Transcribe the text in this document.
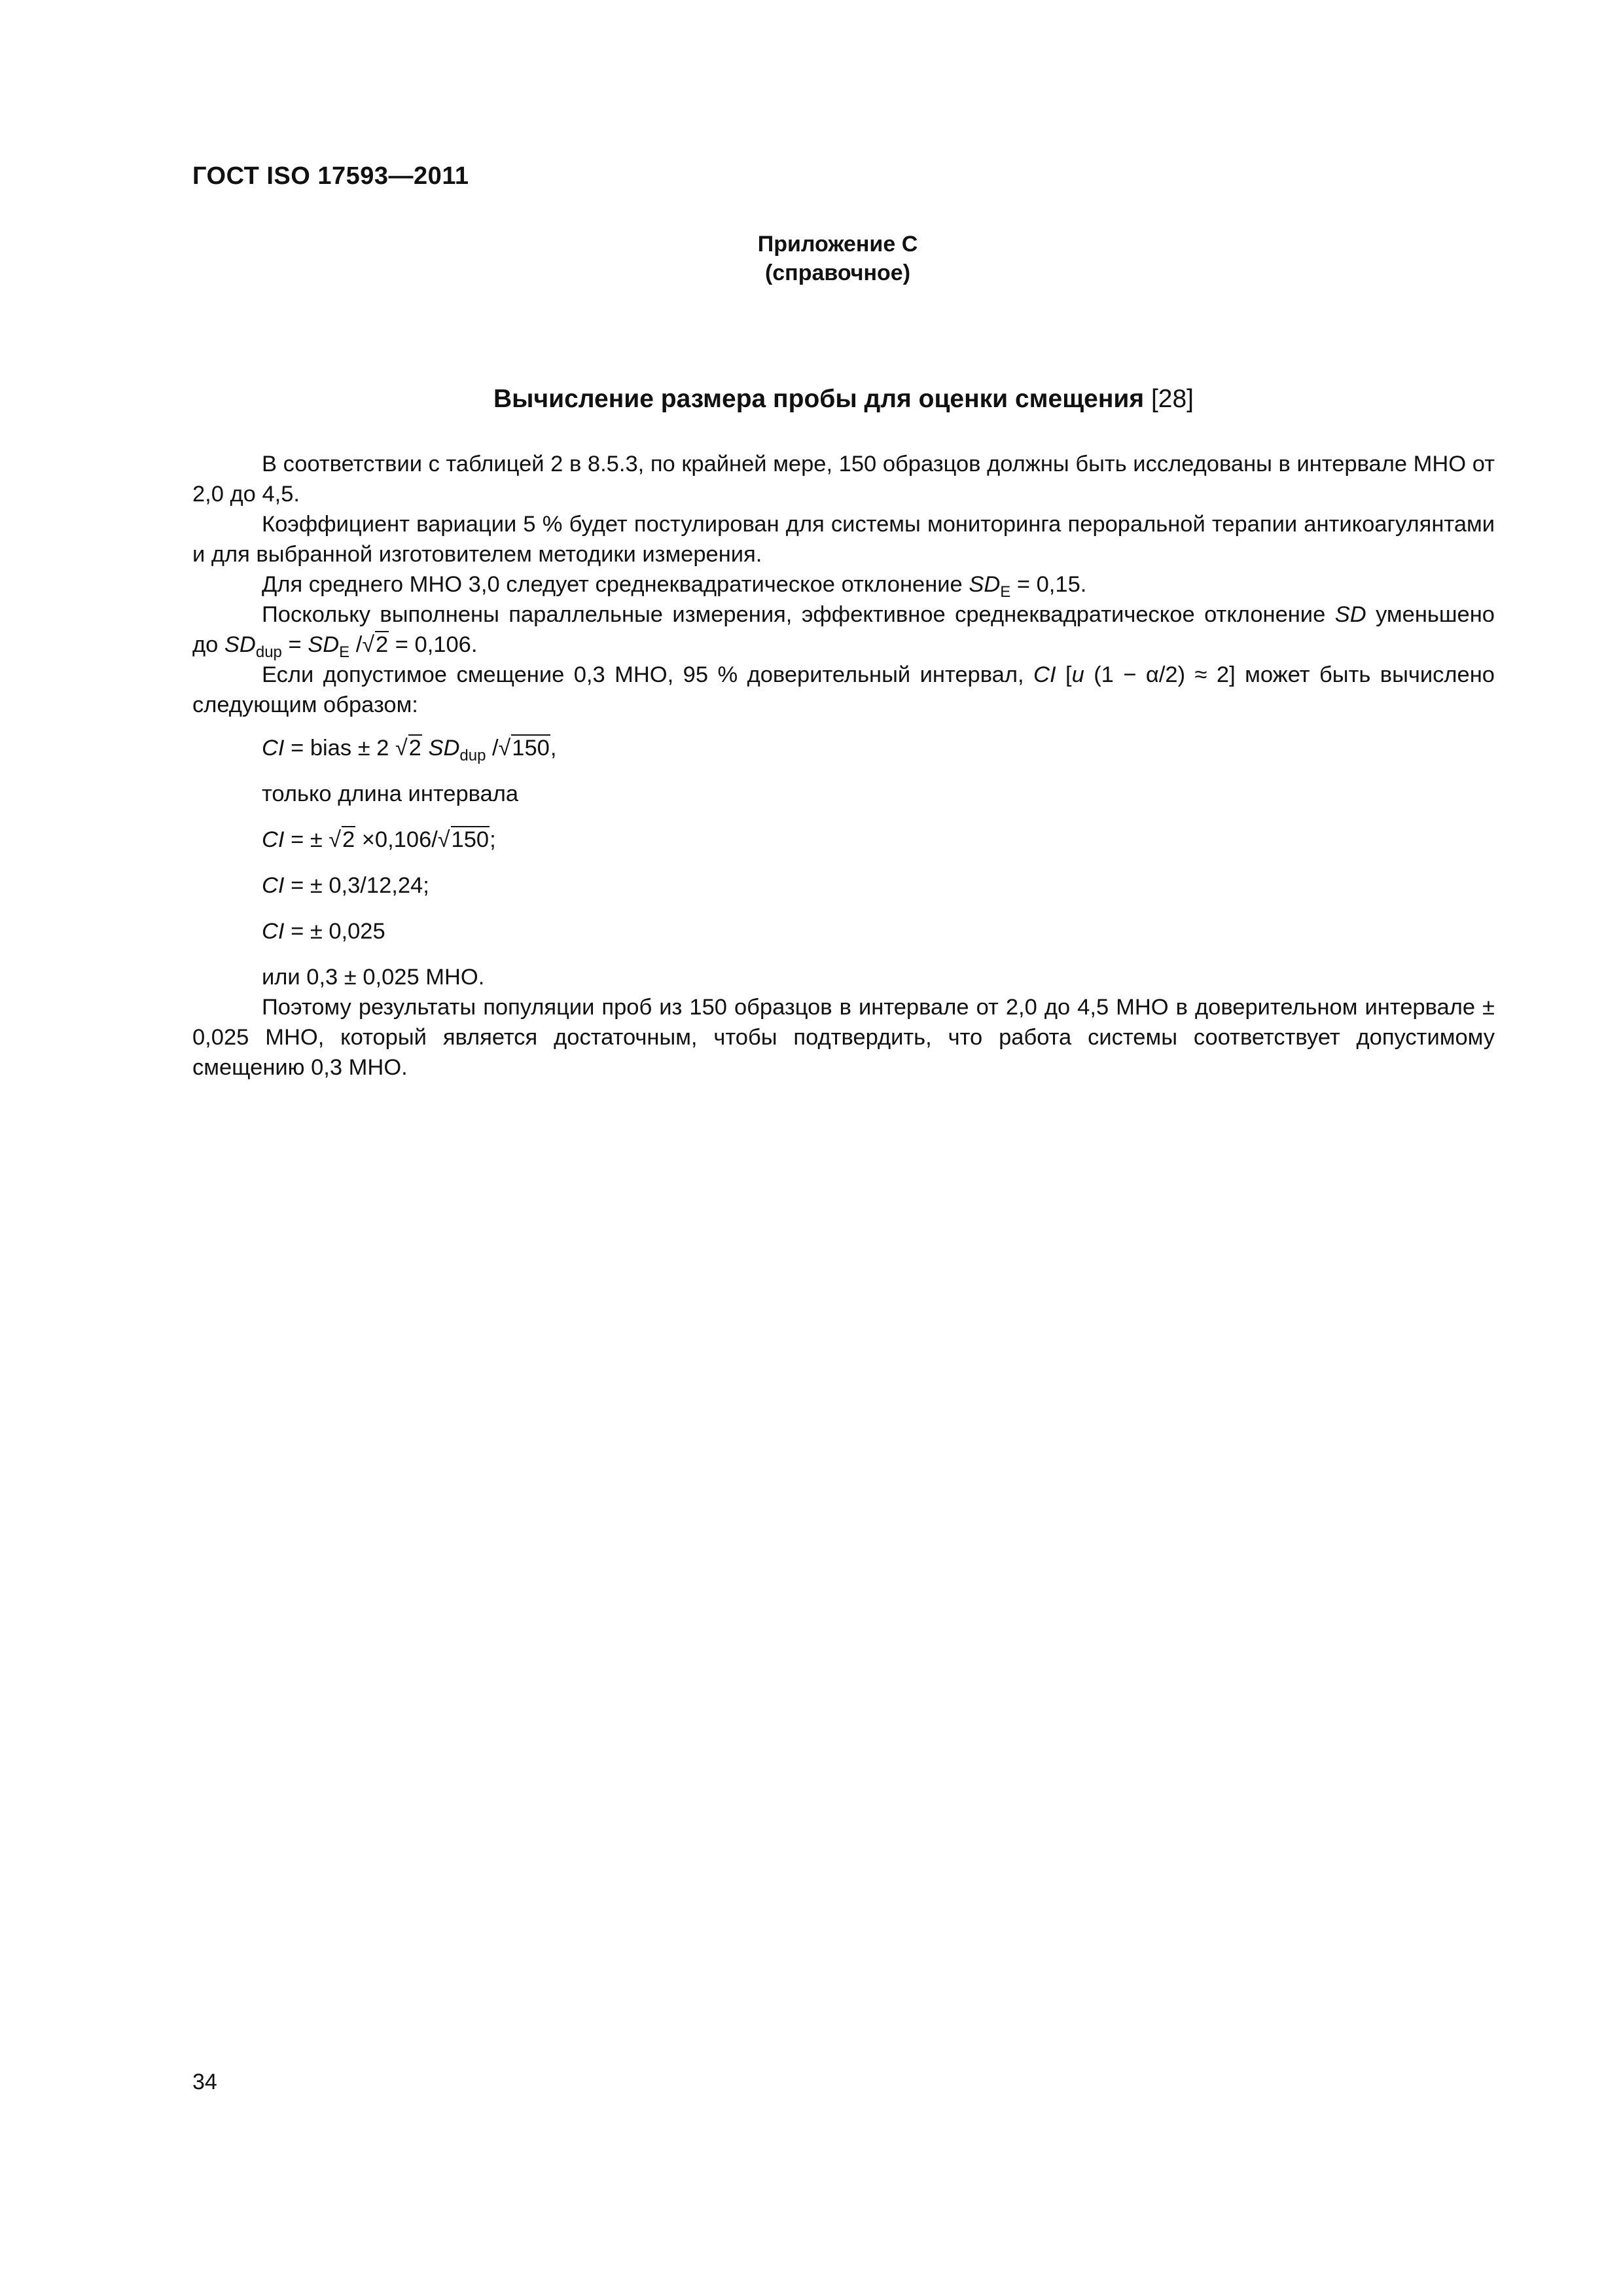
ГОСТ ISO 17593—2011
Приложение С
(справочное)
Вычисление размера пробы для оценки смещения [28]

В соответствии с таблицей 2 в 8.5.3, по крайней мере, 150 образцов должны быть исследованы в интервале МНО от 2,0 до 4,5.

Коэффициент вариации 5 % будет постулирован для системы мониторинга пероральной терапии антикоагулянтами и для выбранной изготовителем методики измерения.

Для среднего МНО 3,0 следует среднеквадратическое отклонение $SD_E = 0,15$.

Поскольку выполнены параллельные измерения, эффективное среднеквадратическое отклонение SD уменьшено до $SD_{dup} = SD_E$ /√2 = 0,106.

Если допустимое смещение 0,3 МНО, 95 % доверительный интервал, CI [u (1 − α/2) ≈ 2] может быть вычислено следующим образом:

CI = bias ± 2 √2 $SD_{dup}$ /√150,

только длина интервала

CI = ± √2 ×0,106/√150;

CI = ± 0,3/12,24;

CI = ± 0,025

или 0,3 ± 0,025 МНО.

Поэтому результаты популяции проб из 150 образцов в интервале от 2,0 до 4,5 МНО в доверительном интервале ± 0,025 МНО, который является достаточным, чтобы подтвердить, что работа системы соответствует допустимому смещению 0,3 МНО.

34
